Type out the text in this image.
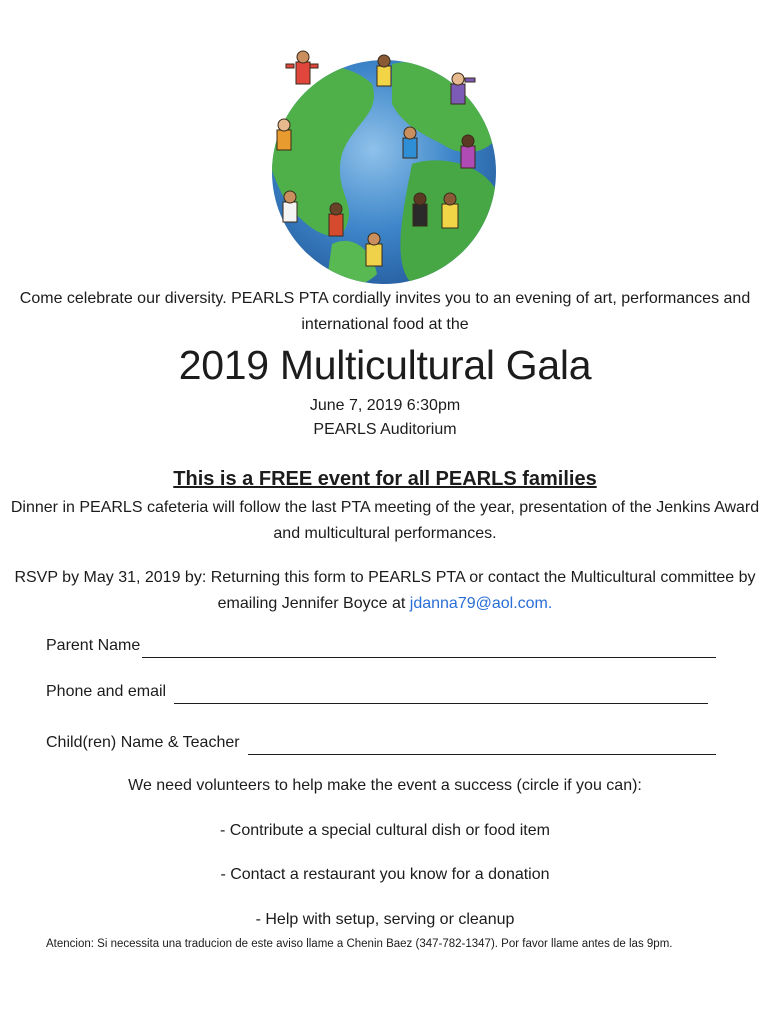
Come celebrate our diversity. PEARLS PTA cordially invites you to an evening of art, performances and international food at the
2019 Multicultural Gala
June 7, 2019 6:30pm
PEARLS Auditorium
This is a FREE event for all PEARLS families
Dinner in PEARLS cafeteria will follow the last PTA meeting of the year, presentation of the Jenkins Award and multicultural performances.
RSVP by May 31, 2019 by: Returning this form to PEARLS PTA or contact the Multicultural committee by emailing Jennifer Boyce at jdanna79@aol.com.
Parent Name
Phone and email
Child(ren) Name & Teacher
We need volunteers to help make the event a success (circle if you can):
- Contribute a special cultural dish or food item
- Contact a restaurant you know for a donation
- Help with setup, serving or cleanup
Atencion: Si necessita una traducion de este aviso llame a Chenin Baez (347-782-1347). Por favor llame antes de las 9pm.
